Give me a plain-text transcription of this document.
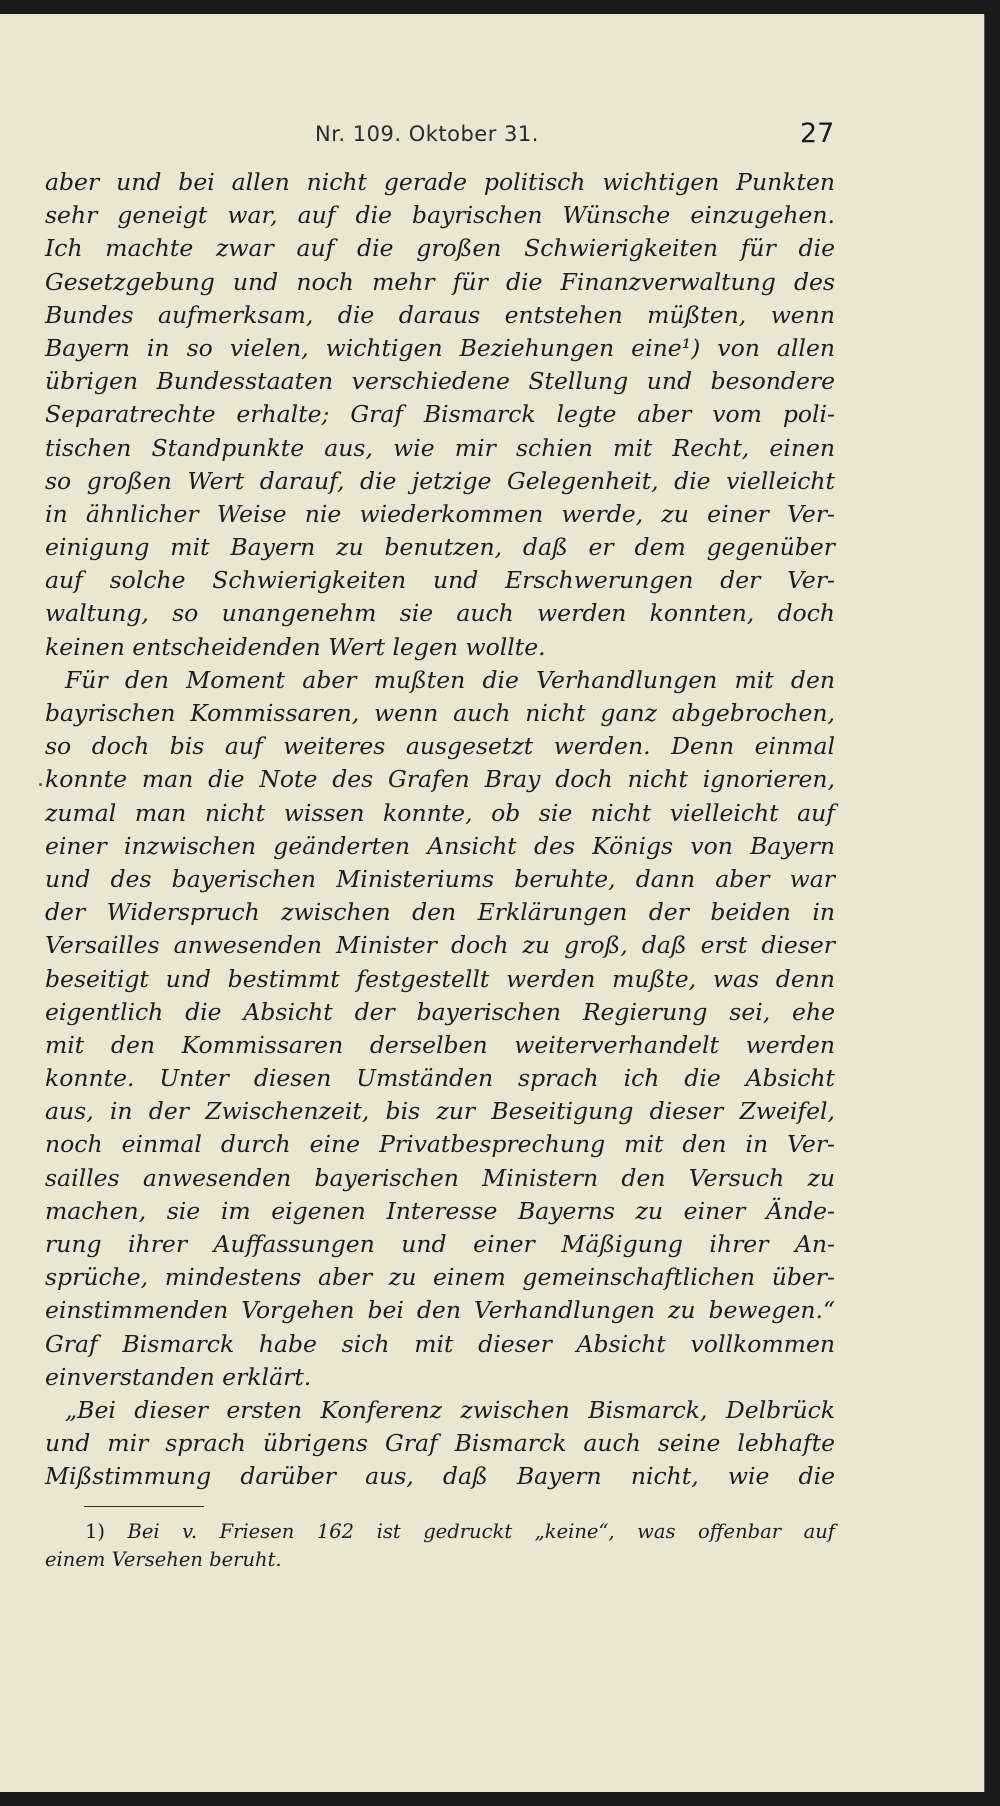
Nr. 109. Oktober 31.	27
aber und bei allen nicht gerade politisch wichtigen Punkten
sehr geneigt war, auf die bayrischen Wünsche einzugehen.
Ich machte zwar auf die großen Schwierigkeiten für die
Gesetzgebung und noch mehr für die Finanzverwaltung des
Bundes aufmerksam, die daraus entstehen müßten, wenn
Bayern in so vielen, wichtigen Beziehungen eine¹) von allen
übrigen Bundesstaaten verschiedene Stellung und besondere
Separatrechte erhalte; Graf Bismarck legte aber vom poli-
tischen Standpunkte aus, wie mir schien mit Recht, einen
so großen Wert darauf, die jetzige Gelegenheit, die vielleicht
in ähnlicher Weise nie wiederkommen werde, zu einer Ver-
einigung mit Bayern zu benutzen, daß er dem gegenüber
auf solche Schwierigkeiten und Erschwerungen der Ver-
waltung, so unangenehm sie auch werden konnten, doch
keinen entscheidenden Wert legen wollte.
Für den Moment aber mußten die Verhandlungen mit den
bayrischen Kommissaren, wenn auch nicht ganz abgebrochen,
so doch bis auf weiteres ausgesetzt werden. Denn einmal
konnte man die Note des Grafen Bray doch nicht ignorieren,
zumal man nicht wissen konnte, ob sie nicht vielleicht auf
einer inzwischen geänderten Ansicht des Königs von Bayern
und des bayerischen Ministeriums beruhte, dann aber war
der Widerspruch zwischen den Erklärungen der beiden in
Versailles anwesenden Minister doch zu groß, daß erst dieser
beseitigt und bestimmt festgestellt werden mußte, was denn
eigentlich die Absicht der bayerischen Regierung sei, ehe
mit den Kommissaren derselben weiterverhandelt werden
konnte. Unter diesen Umständen sprach ich die Absicht
aus, in der Zwischenzeit, bis zur Beseitigung dieser Zweifel,
noch einmal durch eine Privatbesprechung mit den in Ver-
sailles anwesenden bayerischen Ministern den Versuch zu
machen, sie im eigenen Interesse Bayerns zu einer Ände-
rung ihrer Auffassungen und einer Mäßigung ihrer An-
sprüche, mindestens aber zu einem gemeinschaftlichen über-
einstimmenden Vorgehen bei den Verhandlungen zu bewegen.“
Graf Bismarck habe sich mit dieser Absicht vollkommen
einverstanden erklärt.
„Bei dieser ersten Konferenz zwischen Bismarck, Delbrück
und mir sprach übrigens Graf Bismarck auch seine lebhafte
Mißstimmung darüber aus, daß Bayern nicht, wie die
1) Bei v. Friesen 162 ist gedruckt „keine“, was offenbar auf
einem Versehen beruht.
